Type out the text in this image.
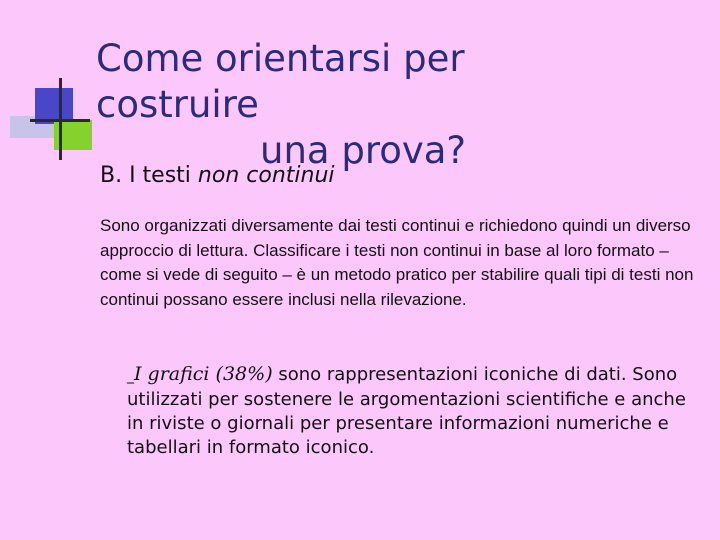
Come orientarsi per costruire
una prova?
B. I testi non continui
Sono organizzati diversamente dai testi continui e richiedono quindi un diverso approccio di lettura. Classificare i testi non continui in base al loro formato – come si vede di seguito – è un metodo pratico per stabilire quali tipi di testi non continui possano essere inclusi nella rilevazione.
_I grafici (38%) sono rappresentazioni iconiche di dati. Sono utilizzati per sostenere le argomentazioni scientifiche e anche in riviste o giornali per presentare informazioni numeriche e tabellari in formato iconico.
